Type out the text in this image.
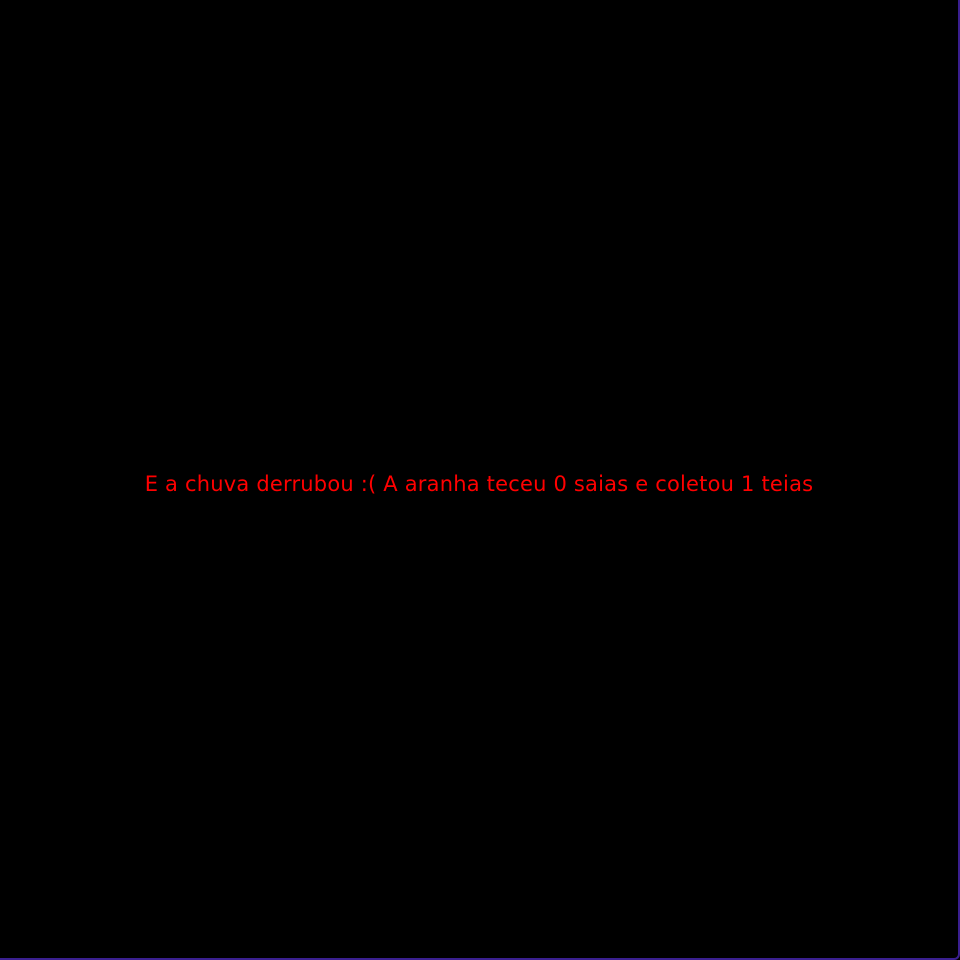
E a chuva derrubou :( A aranha teceu 0 saias e coletou 1 teias
